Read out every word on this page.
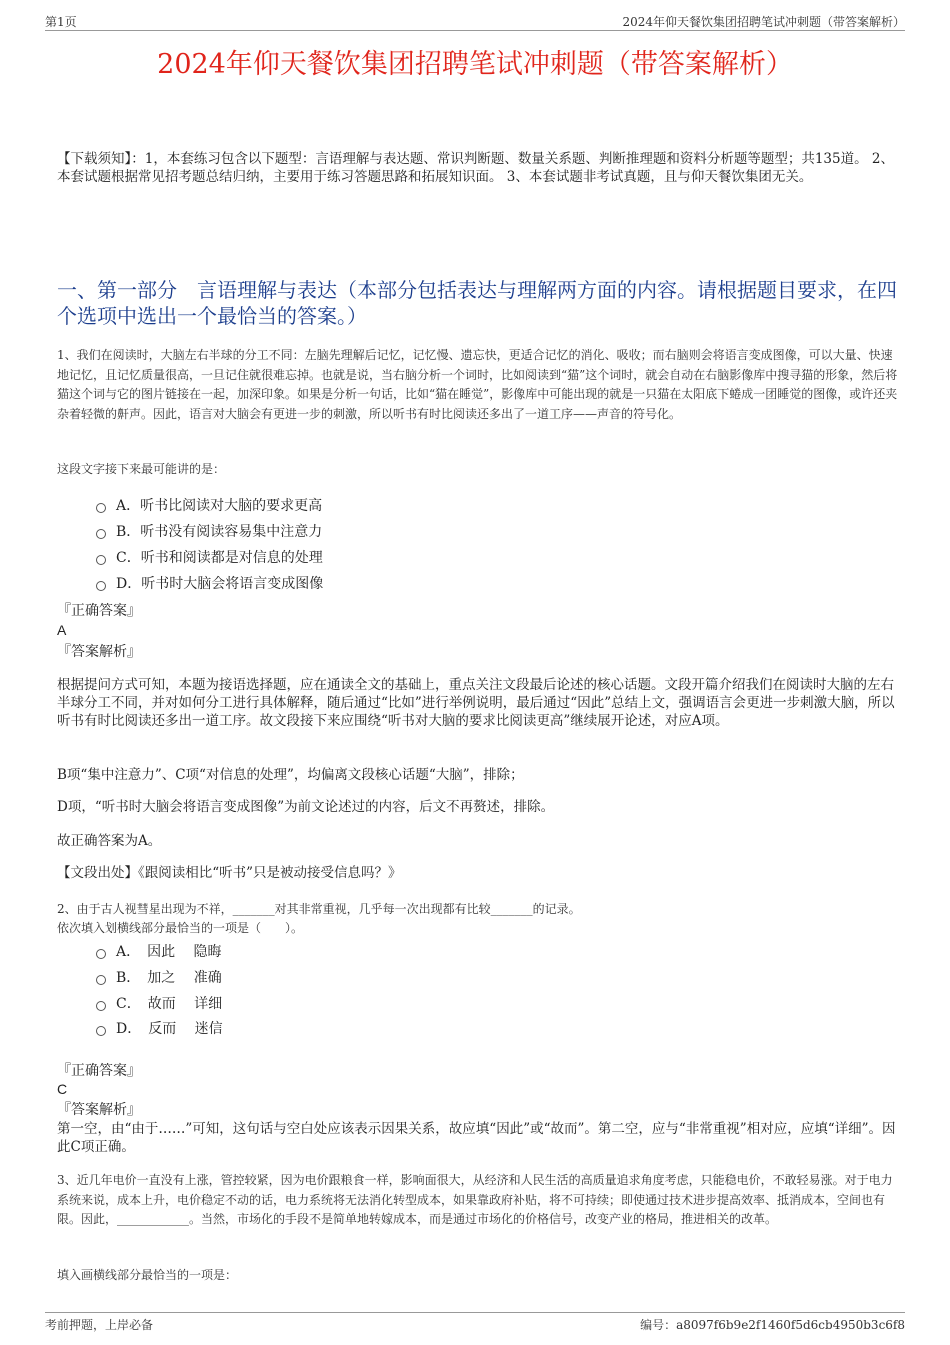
第1页	2024年仰天餐饮集团招聘笔试冲刺题（带答案解析）
2024年仰天餐饮集团招聘笔试冲刺题（带答案解析）
【下载须知】：1，本套练习包含以下题型：言语理解与表达题、常识判断题、数量关系题、判断推理题和资料分析题等题型；共135道。 2、本套试题根据常见招考题总结归纳，主要用于练习答题思路和拓展知识面。 3、本套试题非考试真题，且与仰天餐饮集团无关。
一、第一部分　言语理解与表达（本部分包括表达与理解两方面的内容。请根据题目要求，在四个选项中选出一个最恰当的答案。）
1、我们在阅读时，大脑左右半球的分工不同：左脑先理解后记忆，记忆慢、遗忘快，更适合记忆的消化、吸收；而右脑则会将语言变成图像，可以大量、快速地记忆，且记忆质量很高，一旦记住就很难忘掉。也就是说，当右脑分析一个词时，比如阅读到“猫”这个词时，就会自动在右脑影像库中搜寻猫的形象，然后将猫这个词与它的图片链接在一起，加深印象。如果是分析一句话，比如“猫在睡觉”，影像库中可能出现的就是一只猫在太阳底下蜷成一团睡觉的图像，或许还夹杂着轻微的鼾声。因此，语言对大脑会有更进一步的刺激，所以听书有时比阅读还多出了一道工序——声音的符号化。
这段文字接下来最可能讲的是：
A．听书比阅读对大脑的要求更高
B．听书没有阅读容易集中注意力
C．听书和阅读都是对信息的处理
D．听书时大脑会将语言变成图像
『正确答案』
A
『答案解析』
根据提问方式可知，本题为接语选择题，应在通读全文的基础上，重点关注文段最后论述的核心话题。文段开篇介绍我们在阅读时大脑的左右半球分工不同，并对如何分工进行具体解释，随后通过“比如”进行举例说明，最后通过“因此”总结上文，强调语言会更进一步刺激大脑，所以听书有时比阅读还多出一道工序。故文段接下来应围绕“听书对大脑的要求比阅读更高”继续展开论述，对应A项。
B项“集中注意力”、C项“对信息的处理”，均偏离文段核心话题“大脑”，排除；
D项，“听书时大脑会将语言变成图像”为前文论述过的内容，后文不再赘述，排除。
故正确答案为A。
【文段出处】《跟阅读相比“听书”只是被动接受信息吗？》
2、由于古人视彗星出现为不祥，_______对其非常重视，几乎每一次出现都有比较_______的记录。
依次填入划横线部分最恰当的一项是（　　）。
A．　因此　 隐晦
B．　加之　 准确
C．　故而　 详细
D．　反而　 迷信
『正确答案』
C
『答案解析』
第一空，由“由于……”可知，这句话与空白处应该表示因果关系，故应填“因此”或“故而”。第二空，应与“非常重视”相对应，应填“详细”。因此C项正确。
3、近几年电价一直没有上涨，管控较紧，因为电价跟粮食一样，影响面很大，从经济和人民生活的高质量追求角度考虑，只能稳电价，不敢轻易涨。对于电力系统来说，成本上升，电价稳定不动的话，电力系统将无法消化转型成本，如果靠政府补贴，将不可持续；即使通过技术进步提高效率、抵消成本，空间也有限。因此，____________。当然，市场化的手段不是简单地转嫁成本，而是通过市场化的价格信号，改变产业的格局，推进相关的改革。
填入画横线部分最恰当的一项是：
考前押题，上岸必备	编号：a8097f6b9e2f1460f5d6cb4950b3c6f8
